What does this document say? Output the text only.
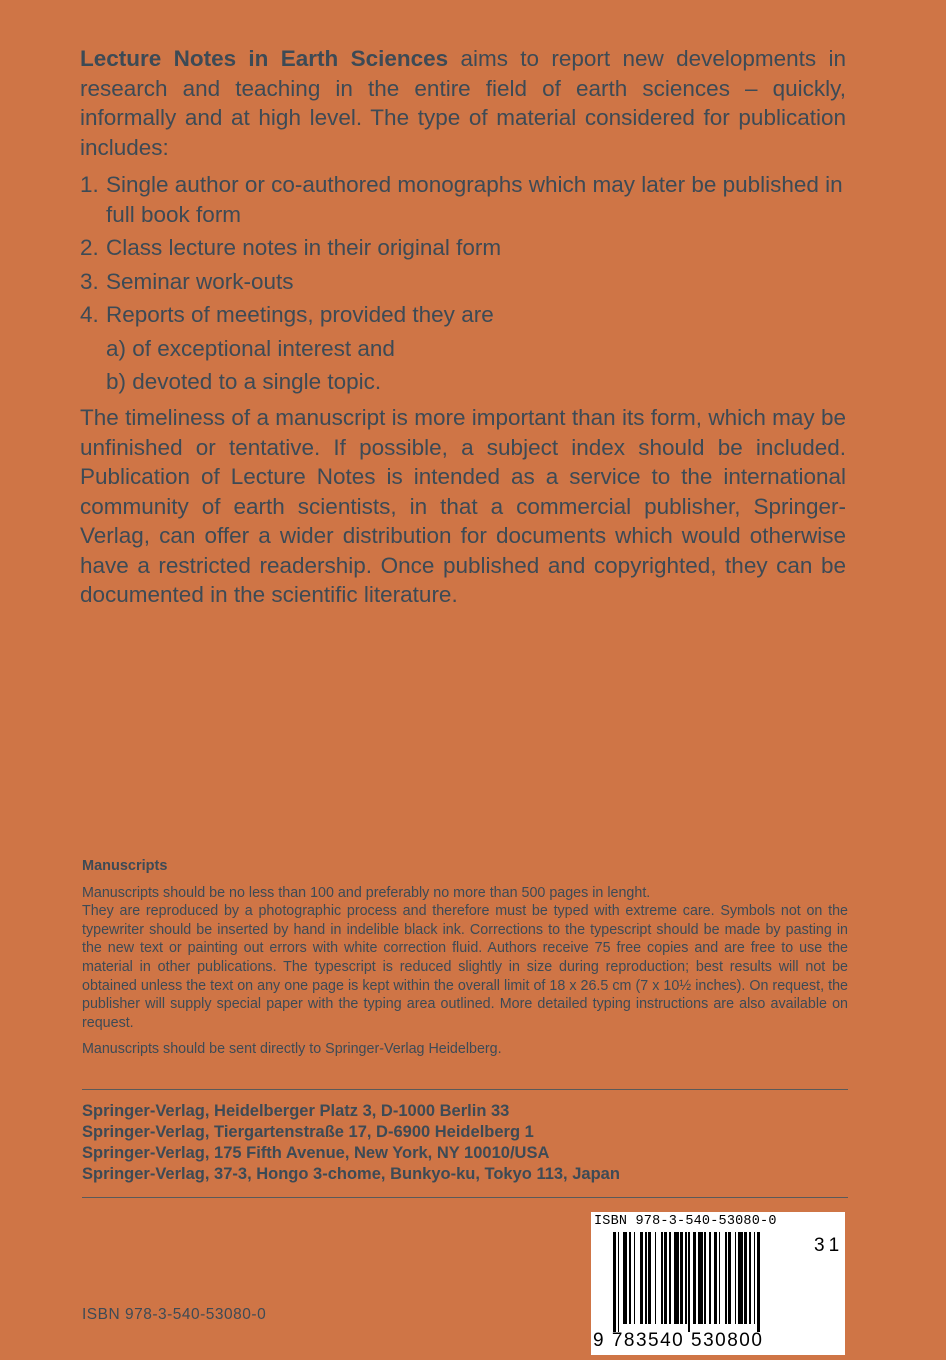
Lecture Notes in Earth Sciences aims to report new developments in research and teaching in the entire field of earth sciences – quickly, informally and at high level. The type of material considered for publication includes:
1. Single author or co-authored monographs which may later be published in full book form
2. Class lecture notes in their original form
3. Seminar work-outs
4. Reports of meetings, provided they are
a) of exceptional interest and
b) devoted to a single topic.
The timeliness of a manuscript is more important than its form, which may be unfinished or tentative. If possible, a subject index should be included. Publication of Lecture Notes is intended as a service to the international community of earth scientists, in that a commercial publisher, Springer-Verlag, can offer a wider distribution for documents which would otherwise have a restricted readership. Once published and copyrighted, they can be documented in the scientific literature.
Manuscripts

Manuscripts should be no less than 100 and preferably no more than 500 pages in lenght.

They are reproduced by a photographic process and therefore must be typed with extreme care. Symbols not on the typewriter should be inserted by hand in indelible black ink. Corrections to the typescript should be made by pasting in the new text or painting out errors with white correction fluid. Authors receive 75 free copies and are free to use the material in other publications. The typescript is reduced slightly in size during reproduction; best results will not be obtained unless the text on any one page is kept within the overall limit of 18 x 26.5 cm (7 x 10½ inches). On request, the publisher will supply special paper with the typing area outlined. More detailed typing instructions are also available on request.

Manuscripts should be sent directly to Springer-Verlag Heidelberg.

Springer-Verlag, Heidelberger Platz 3, D-1000 Berlin 33
Springer-Verlag, Tiergartenstraße 17, D-6900 Heidelberg 1
Springer-Verlag, 175 Fifth Avenue, New York, NY 10010/USA
Springer-Verlag, 37-3, Hongo 3-chome, Bunkyo-ku, Tokyo 113, Japan
ISBN 978-3-540-53080-0
31
9 783540 530800
ISBN 978-3-540-53080-0
